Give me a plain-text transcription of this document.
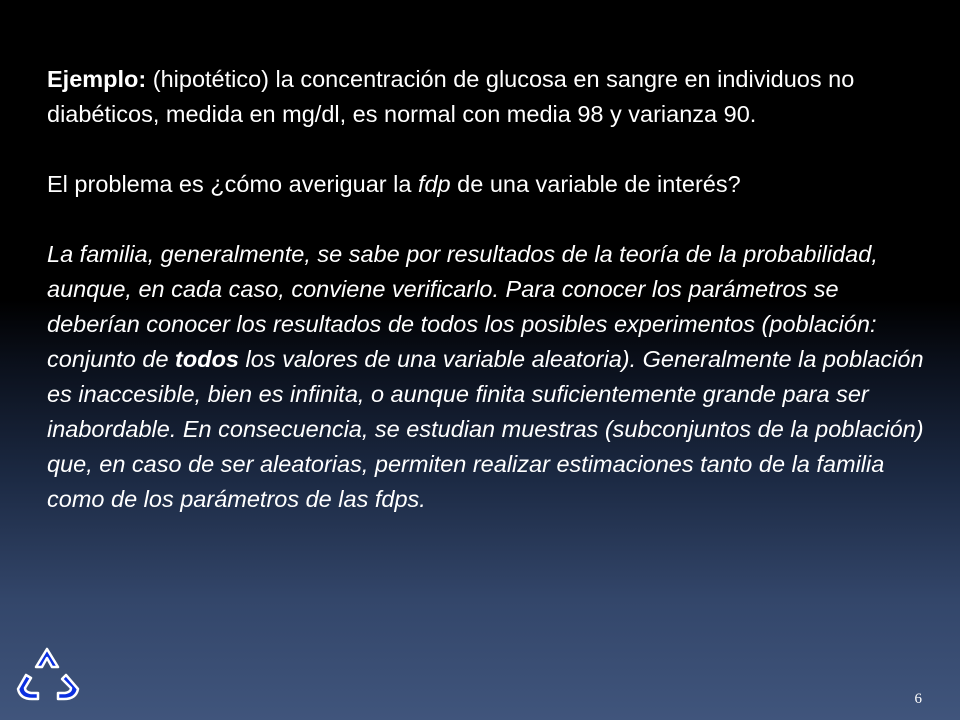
Ejemplo: (hipotético) la concentración de glucosa en sangre en individuos no diabéticos, medida en mg/dl, es normal con media 98 y varianza 90.

El problema es ¿cómo averiguar la fdp de una variable de interés?

La familia, generalmente, se sabe por resultados de la teoría de la probabilidad, aunque, en cada caso, conviene verificarlo. Para conocer los parámetros se deberían conocer los resultados de todos los posibles experimentos (población: conjunto de todos los valores de una variable aleatoria). Generalmente la población es inaccesible, bien es infinita, o aunque finita suficientemente grande para ser inabordable. En consecuencia, se estudian muestras (subconjuntos de la población) que, en caso de ser aleatorias, permiten realizar estimaciones tanto de la familia como de los parámetros de las fdps.

6
